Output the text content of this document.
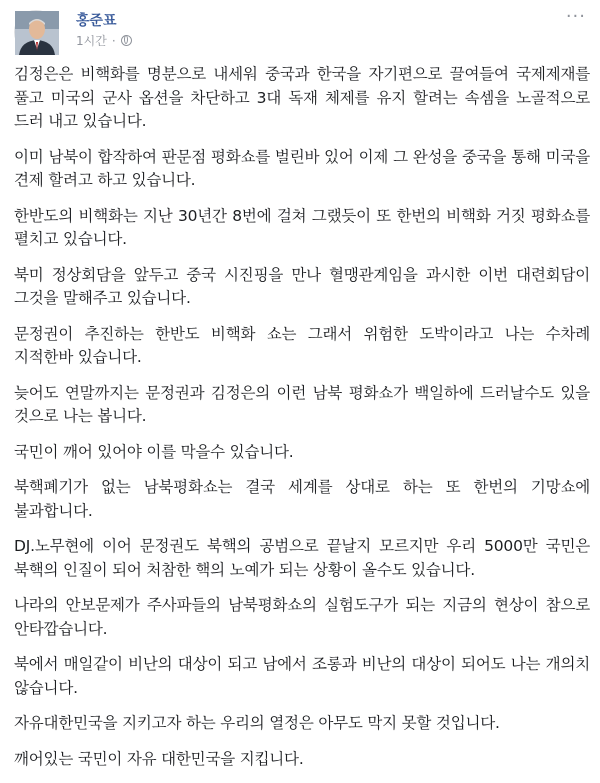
홍준표
1시간 ·
···

김정은은 비핵화를 명분으로 내세워 중국과 한국을 자기편으로 끌여들여 국제제재를 풀고 미국의 군사 옵션을 차단하고 3대 독재 체제를 유지 할려는 속셈을 노골적으로 드러 내고 있습니다.

이미 남북이 합작하여 판문점 평화쇼를 벌린바 있어 이제 그 완성을 중국을 통해 미국을 견제 할려고 하고 있습니다.

한반도의 비핵화는 지난 30년간 8번에 걸쳐 그랬듯이 또 한번의 비핵화 거짓 평화쇼를 펼치고 있습니다.

북미 정상회담을 앞두고 중국 시진핑을 만나 혈맹관계임을 과시한 이번 대련회담이 그것을 말해주고 있습니다.

문정권이 추진하는 한반도 비핵화 쇼는 그래서 위험한 도박이라고 나는 수차례 지적한바 있습니다.

늦어도 연말까지는 문정권과 김정은의 이런 남북 평화쇼가 백일하에 드러날수도 있을 것으로 나는 봅니다.

국민이 깨어 있어야 이를 막을수 있습니다.

북핵폐기가 없는 남북평화쇼는 결국 세계를 상대로 하는 또 한번의 기망쇼에 불과합니다.

DJ.노무현에 이어 문정권도 북핵의 공범으로 끝날지 모르지만 우리 5000만 국민은 북핵의 인질이 되어 처참한 핵의 노예가 되는 상황이 올수도 있습니다.

나라의 안보문제가 주사파들의 남북평화쇼의 실험도구가 되는 지금의 현상이 참으로 안타깝습니다.

북에서 매일같이 비난의 대상이 되고 남에서 조롱과 비난의 대상이 되어도 나는 개의치 않습니다.

자유대한민국을 지키고자 하는 우리의 열정은 아무도 막지 못할 것입니다.

깨어있는 국민이 자유 대한민국을 지킵니다.
